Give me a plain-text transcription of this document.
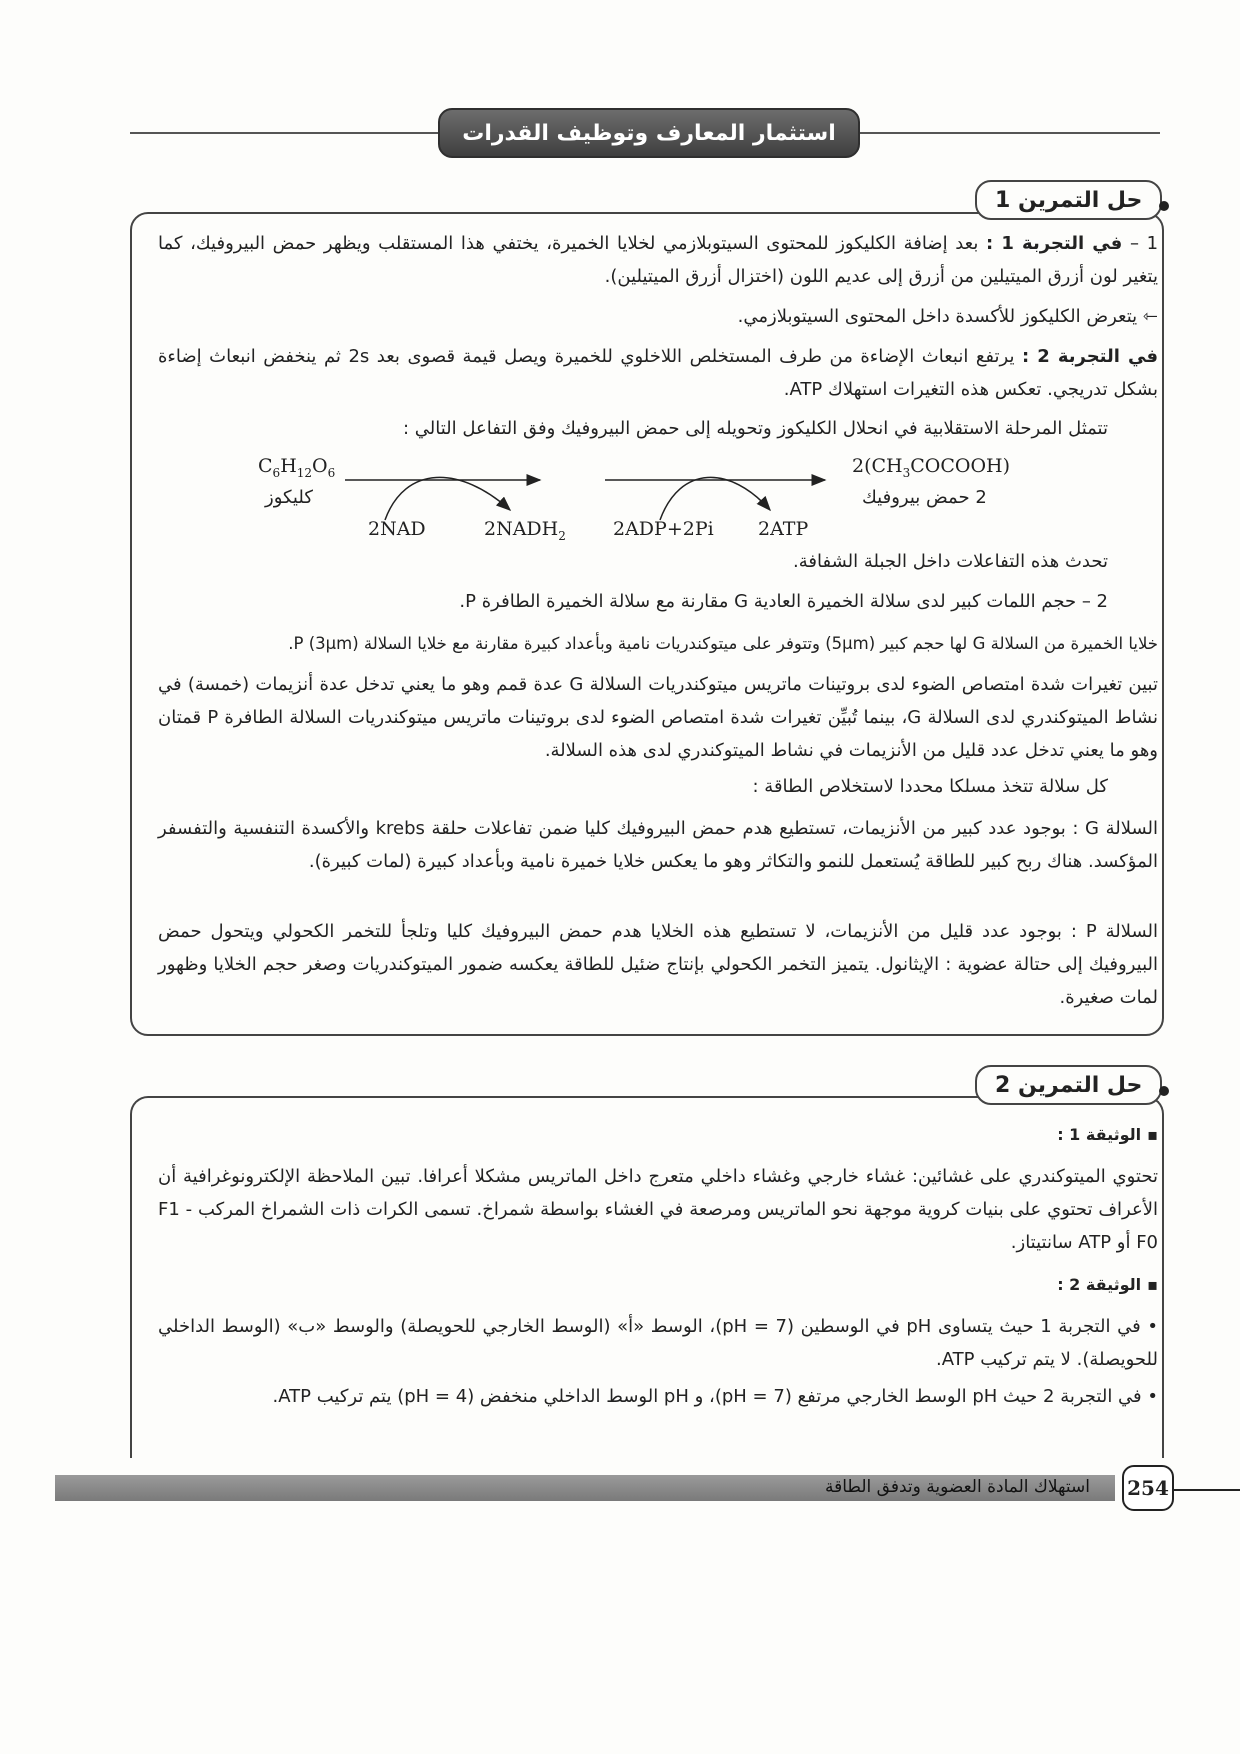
استثمار المعارف وتوظيف القدرات
حل التمرين 1
1 – في التجربة 1 : بعد إضافة الكليكوز للمحتوى السيتوبلازمي لخلايا الخميرة، يختفي هذا المستقلب ويظهر حمض البيروفيك، كما يتغير لون أزرق الميتيلين من أزرق إلى عديم اللون (اختزال أزرق الميتيلين).
⇽ يتعرض الكليكوز للأكسدة داخل المحتوى السيتوبلازمي.
في التجربة 2 : يرتفع انبعاث الإضاءة من طرف المستخلص اللاخلوي للخميرة ويصل قيمة قصوى بعد 2s ثم ينخفض انبعاث إضاءة بشكل تدريجي. تعكس هذه التغيرات استهلاك ATP.
تتمثل المرحلة الاستقلابية في انحلال الكليكوز وتحويله إلى حمض البيروفيك وفق التفاعل التالي :
$C_6H_{12}O_6$
كليكوز
$2(CH_3COCOOH)$
2 حمض بيروفيك
2NAD	$2NADH_2$ 2ADP+2Pi 2ATP
تحدث هذه التفاعلات داخل الجبلة الشفافة.
2 – حجم اللمات كبير لدى سلالة الخميرة العادية G مقارنة مع سلالة الخميرة الطافرة P.
خلايا الخميرة من السلالة G لها حجم كبير (5μm) وتتوفر على ميتوكندريات نامية وبأعداد كبيرة مقارنة مع خلايا السلالة P (3μm).
تبين تغيرات شدة امتصاص الضوء لدى بروتينات ماتريس ميتوكندريات السلالة G عدة قمم وهو ما يعني تدخل عدة أنزيمات (خمسة) في نشاط الميتوكندري لدى السلالة G، بينما تُبيِّن تغيرات شدة امتصاص الضوء لدى بروتينات ماتريس ميتوكندريات السلالة الطافرة P قمتان وهو ما يعني تدخل عدد قليل من الأنزيمات في نشاط الميتوكندري لدى هذه السلالة.
كل سلالة تتخذ مسلكا محددا لاستخلاص الطاقة :
السلالة G : بوجود عدد كبير من الأنزيمات، تستطيع هدم حمض البيروفيك كليا ضمن تفاعلات حلقة krebs والأكسدة التنفسية والتفسفر المؤكسد. هناك ربح كبير للطاقة يُستعمل للنمو والتكاثر وهو ما يعكس خلايا خميرة نامية وبأعداد كبيرة (لمات كبيرة).
السلالة P : بوجود عدد قليل من الأنزيمات، لا تستطيع هذه الخلايا هدم حمض البيروفيك كليا وتلجأ للتخمر الكحولي ويتحول حمض البيروفيك إلى حتالة عضوية : الإيثانول. يتميز التخمر الكحولي بإنتاج ضئيل للطاقة يعكسه ضمور الميتوكندريات وصغر حجم الخلايا وظهور لمات صغيرة.
حل التمرين 2
▪ الوثيقة 1 :
تحتوي الميتوكندري على غشائين: غشاء خارجي وغشاء داخلي متعرج داخل الماتريس مشكلا أعرافا. تبين الملاحظة الإلكترونوغرافية أن الأعراف تحتوي على بنيات كروية موجهة نحو الماتريس ومرصعة في الغشاء بواسطة شمراخ. تسمى الكرات ذات الشمراخ المركب F1 - F0 أو ATP سانتيتاز.
▪ الوثيقة 2 :
• في التجربة 1 حيث يتساوى pH في الوسطين (pH = 7)، الوسط «أ» (الوسط الخارجي للحويصلة) والوسط «ب» (الوسط الداخلي للحويصلة). لا يتم تركيب ATP.
• في التجربة 2 حيث pH الوسط الخارجي مرتفع (pH = 7)، و pH الوسط الداخلي منخفض (pH = 4) يتم تركيب ATP.
استهلاك المادة العضوية وتدفق الطاقة 254
